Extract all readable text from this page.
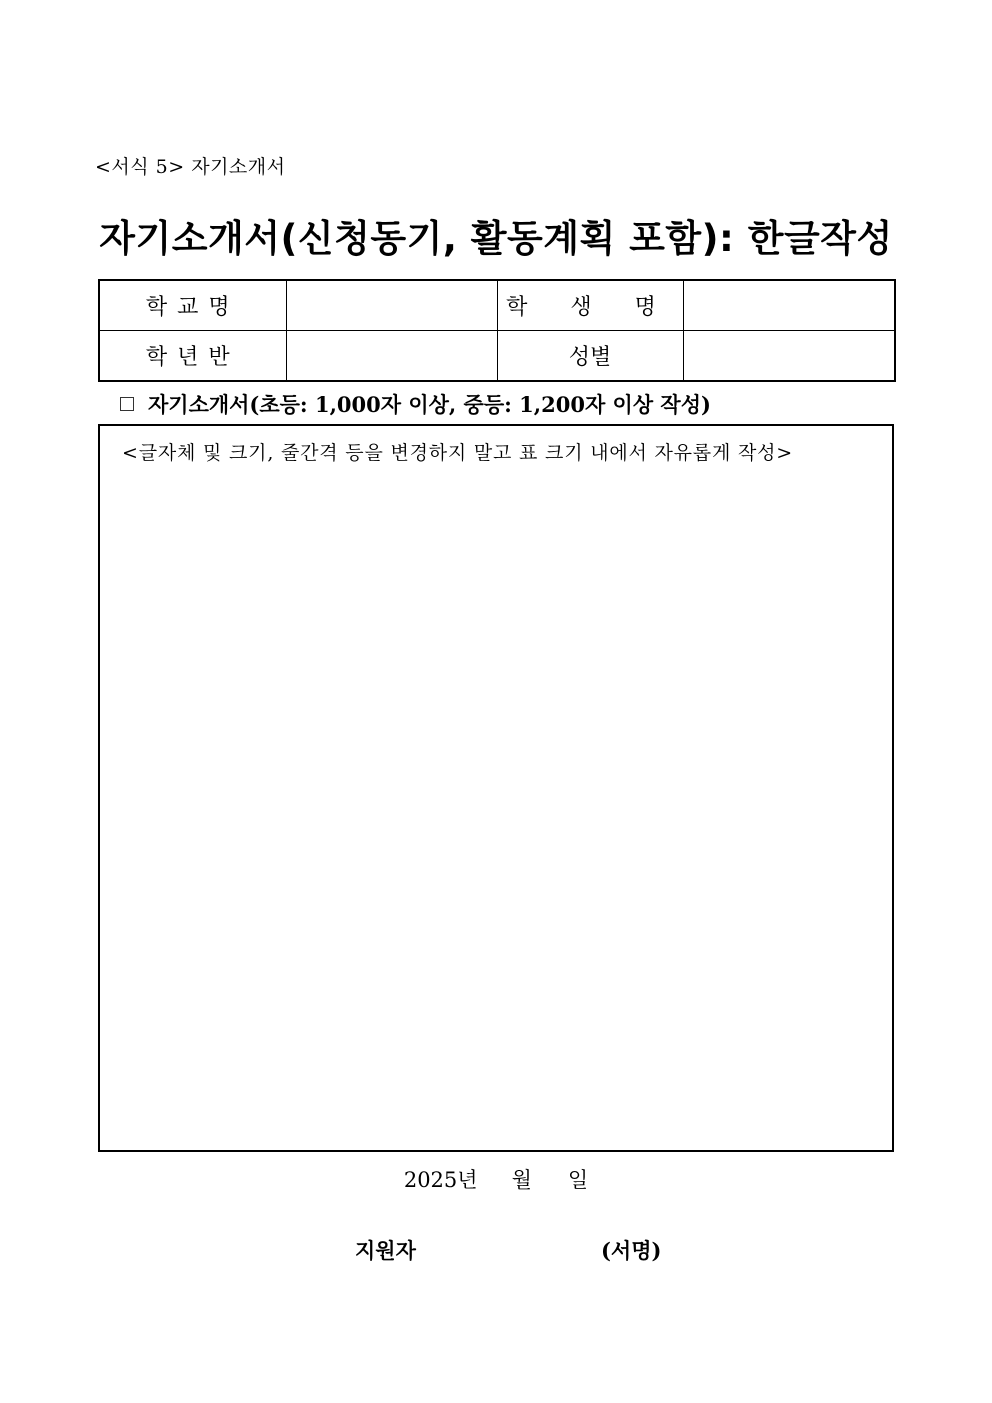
<서식 5> 자기소개서
자기소개서(신청동기, 활동계획 포함): 한글작성
학교명		학 생 명	
학년반		성별	
자기소개서(초등: 1,000자 이상, 중등: 1,200자 이상 작성)
<글자체 및 크기, 줄간격 등을 변경하지 말고 표 크기 내에서 자유롭게 작성>
2025년 월 일
지원자	(서명)
